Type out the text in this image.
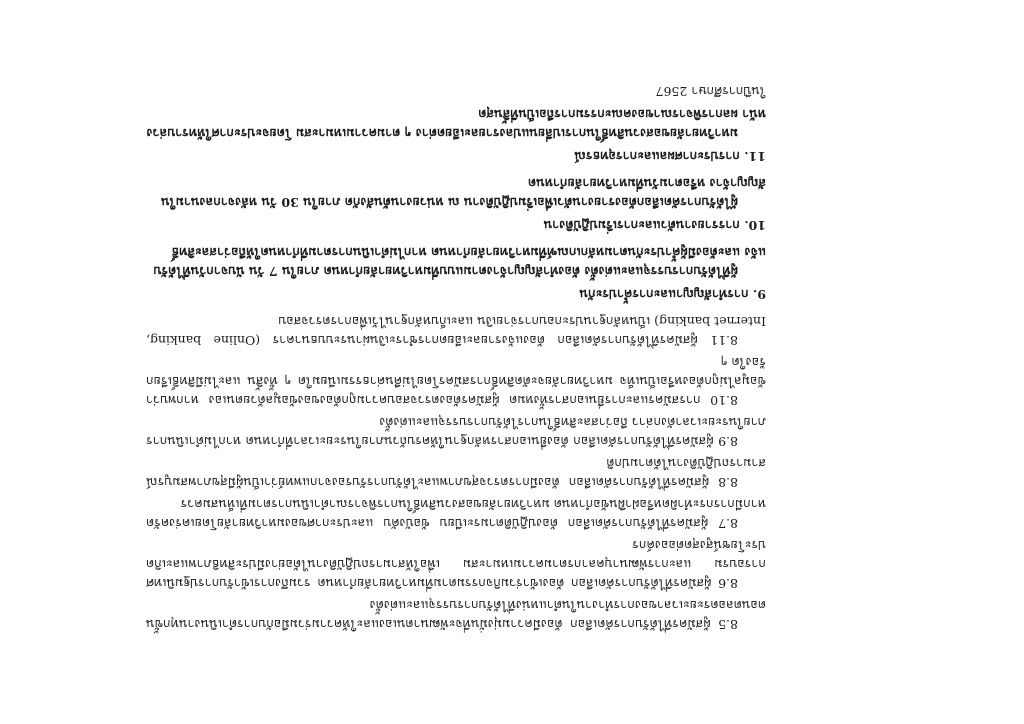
8.5 ผู้สมัครที่ได้รับการคัดเลือก ต้องมีความมุ่งมั่นที่จะพัฒนาตนเองและให้ความร่วมมือกับการดำเนินงานทุกขั้นตอนตลอดระยะเวลาของการทำงานในตำแหน่งที่ได้รับการบรรจุและแต่งตั้ง

8.6 ผู้สมัครที่ได้รับการคัดเลือก ต้องเข้าร่วมกิจกรรมตามที่มหาวิทยาลัยกำหนด รวมถึงการเข้ารับการปฐมนิเทศ การอบรม และการพัฒนาบุคลากรตามความเหมาะสม เพื่อให้สามารถปฏิบัติงานได้อย่างมีประสิทธิภาพและเกิดประโยชน์สูงสุดต่อองค์กร

8.7 ผู้สมัครที่ได้รับการคัดเลือก ต้องปฏิบัติตามระเบียบ ข้อบังคับ และประกาศของมหาวิทยาลัยโดยเคร่งครัด หากมีการกระทำผิดหรือฝ่าฝืนข้อกำหนด มหาวิทยาลัยขอสงวนสิทธิ์ในการพิจารณาดำเนินการตามที่เห็นสมควร

8.8 ผู้สมัครที่ได้รับการคัดเลือก ต้องมีการตรวจสุขภาพและได้รับการรับรองจากแพทย์ว่าเป็นผู้มีสุขภาพสมบูรณ์ สามารถปฏิบัติงานได้ตามปกติ

8.9 ผู้สมัครที่ได้รับการคัดเลือก ต้องยื่นเอกสารหลักฐานให้ครบถ้วนภายในระยะเวลาที่กำหนด หากไม่ดำเนินการภายในระยะเวลาดังกล่าว ถือว่าสละสิทธิ์ในการได้รับการบรรจุและแต่งตั้ง

8.10 การสมัครและการยื่นเอกสารทั้งหมด ผู้สมัครต้องตรวจสอบความถูกต้องของข้อมูลด้วยตนเอง หากพบว่าข้อมูลไม่ถูกต้องหรือเป็นเท็จ มหาวิทยาลัยจะตัดสิทธิ์การสมัครโดยไม่คืนค่าธรรมเนียมใด ๆ ทั้งสิ้น และไม่มีสิทธิ์เรียกร้องใด ๆ

8.11 ผู้สมัครที่ได้รับการคัดเลือก ต้องแจ้งรายละเอียดการชำระเงินผ่านระบบธนาคาร (Online banking, Internet banking) เป็นหลักฐานประกอบการจ่ายเงิน และเก็บหลักฐานไว้เพื่อการตรวจสอบ

9. การทำสัญญาและการค้ำประกัน

ผู้ที่ได้รับการบรรจุและแต่งตั้ง ต้องทำสัญญาจ้างตามแบบที่มหาวิทยาลัยกำหนด ภายใน 7 วัน นับจากวันที่ได้รับแจ้ง และต้องมีผู้ค้ำประกันตามหลักเกณฑ์ที่มหาวิทยาลัยกำหนด หากไม่ดำเนินการตามที่กำหนดให้ถือว่าสละสิทธิ์

10. การรายงานตัวและการเริ่มปฏิบัติงาน

ผู้ได้รับการคัดเลือกต้องรายงานตัวเพื่อเริ่มปฏิบัติงาน ณ หน่วยงานต้นสังกัด ภายใน 30 วัน หลังจากลงนามในสัญญาจ้าง หรือตามวันที่มหาวิทยาลัยกำหนด

11. การประกาศผลและการอุทธรณ์

มหาวิทยาลัยขอสงวนสิทธิ์ในการเปลี่ยนแปลงรายละเอียดต่าง ๆ ตามความเหมาะสม โดยจะประกาศให้ทราบล่วงหน้า ผลการพิจารณาของคณะกรรมการถือเป็นที่สิ้นสุด

ในปีการศึกษา 2567
